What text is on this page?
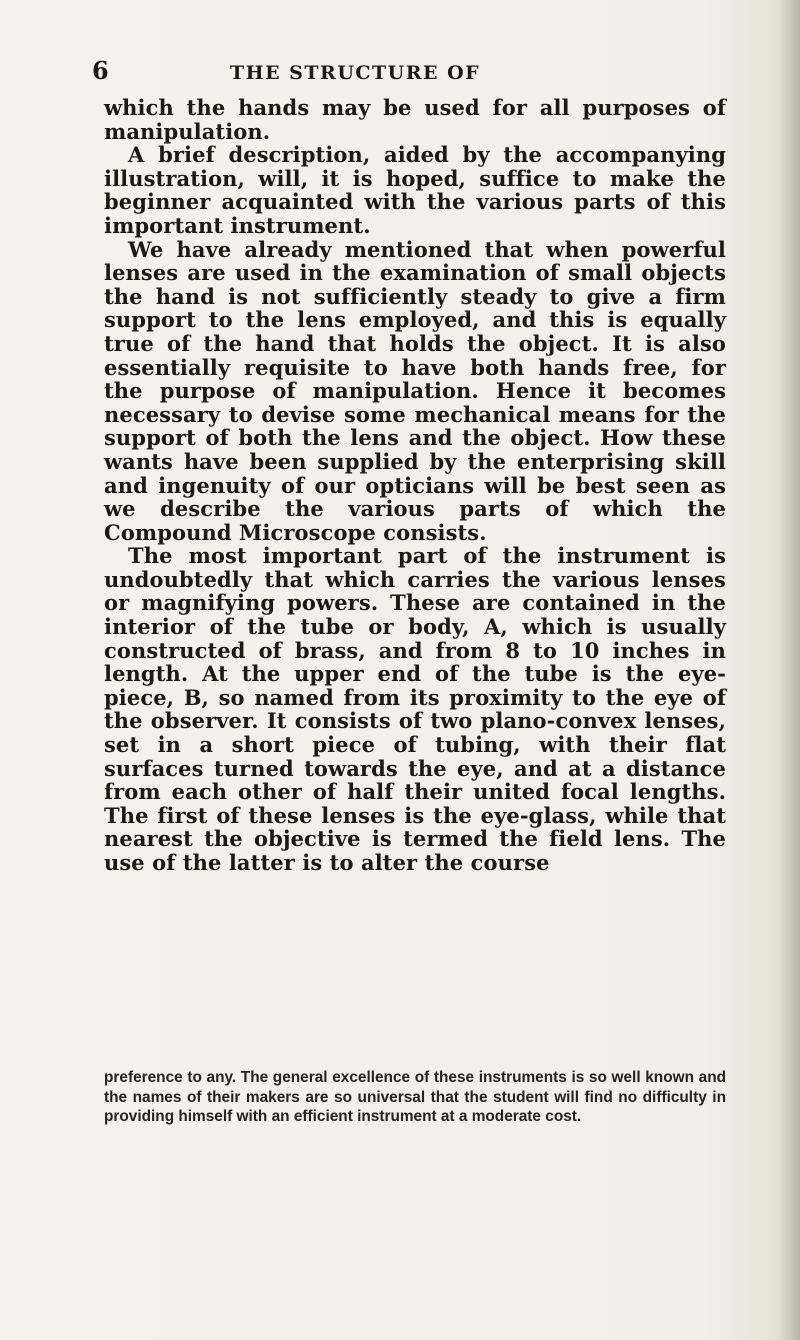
6	THE STRUCTURE OF

which the hands may be used for all purposes of manipulation.

A brief description, aided by the accompanying illustration, will, it is hoped, suffice to make the beginner acquainted with the various parts of this important instrument.

We have already mentioned that when powerful lenses are used in the examination of small objects the hand is not sufficiently steady to give a firm support to the lens employed, and this is equally true of the hand that holds the object. It is also essentially requisite to have both hands free, for the purpose of manipulation. Hence it becomes necessary to devise some mechanical means for the support of both the lens and the object. How these wants have been supplied by the enterprising skill and ingenuity of our opticians will be best seen as we describe the various parts of which the Compound Microscope consists.

The most important part of the instrument is undoubtedly that which carries the various lenses or magnifying powers. These are contained in the interior of the tube or body, A, which is usually constructed of brass, and from 8 to 10 inches in length. At the upper end of the tube is the eye-piece, B, so named from its proximity to the eye of the observer. It consists of two plano-convex lenses, set in a short piece of tubing, with their flat surfaces turned towards the eye, and at a distance from each other of half their united focal lengths. The first of these lenses is the eye-glass, while that nearest the objective is termed the field lens. The use of the latter is to alter the course

preference to any. The general excellence of these instruments is so well known and the names of their makers are so universal that the student will find no difficulty in providing himself with an efficient instrument at a moderate cost.
